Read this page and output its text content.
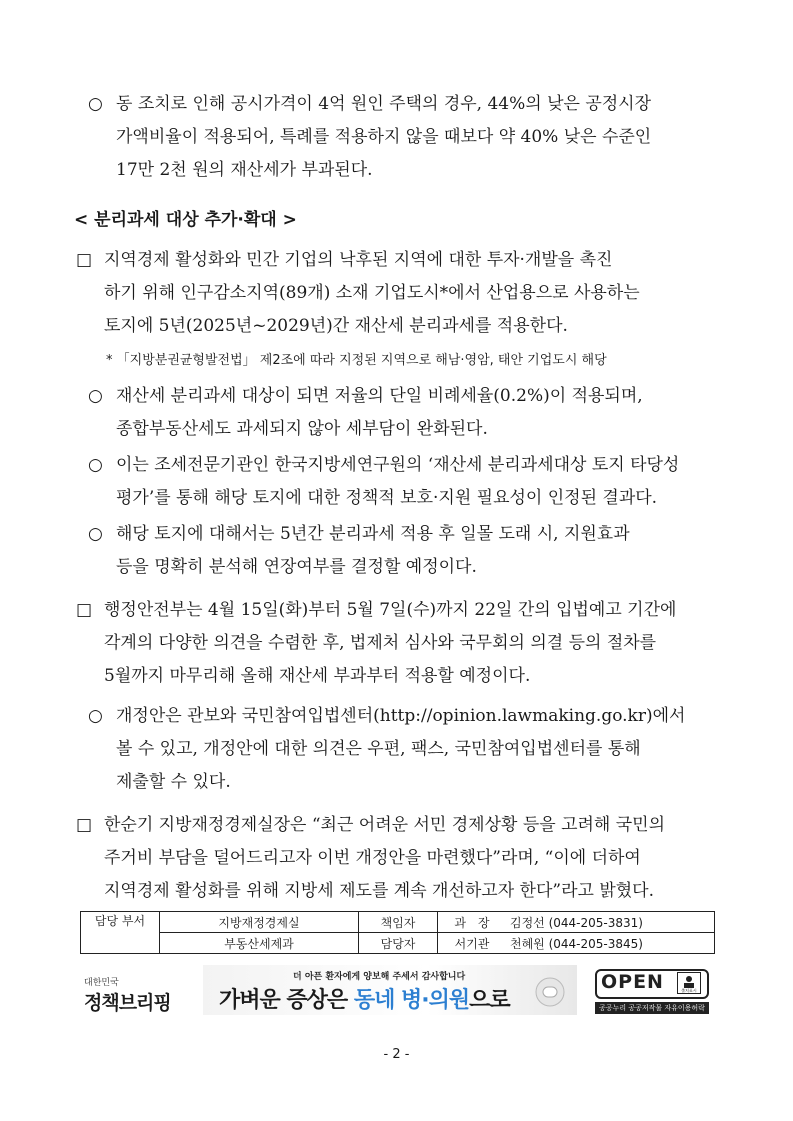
○ 동 조치로 인해 공시가격이 4억 원인 주택의 경우, 44%의 낮은 공정시장
가액비율이 적용되어, 특례를 적용하지 않을 때보다 약 40% 낮은 수준인
17만 2천 원의 재산세가 부과된다.
< 분리과세 대상 추가·확대 >
□ 지역경제 활성화와 민간 기업의 낙후된 지역에 대한 투자·개발을 촉진
하기 위해 인구감소지역(89개) 소재 기업도시*에서 산업용으로 사용하는
토지에 5년(2025년~2029년)간 재산세 분리과세를 적용한다.
* 「지방분권균형발전법」 제2조에 따라 지정된 지역으로 해남·영암, 태안 기업도시 해당
○ 재산세 분리과세 대상이 되면 저율의 단일 비례세율(0.2%)이 적용되며,
종합부동산세도 과세되지 않아 세부담이 완화된다.
○ 이는 조세전문기관인 한국지방세연구원의 ‘재산세 분리과세대상 토지 타당성
평가’를 통해 해당 토지에 대한 정책적 보호·지원 필요성이 인정된 결과다.
○ 해당 토지에 대해서는 5년간 분리과세 적용 후 일몰 도래 시, 지원효과
등을 명확히 분석해 연장여부를 결정할 예정이다.
□ 행정안전부는 4월 15일(화)부터 5월 7일(수)까지 22일 간의 입법예고 기간에
각계의 다양한 의견을 수렴한 후, 법제처 심사와 국무회의 의결 등의 절차를
5월까지 마무리해 올해 재산세 부과부터 적용할 예정이다.
○ 개정안은 관보와 국민참여입법센터(http://opinion.lawmaking.go.kr)에서
볼 수 있고, 개정안에 대한 의견은 우편, 팩스, 국민참여입법센터를 통해
제출할 수 있다.
□ 한순기 지방재정경제실장은 “최근 어려운 서민 경제상황 등을 고려해 국민의
주거비 부담을 덜어드리고자 이번 개정안을 마련했다”라며, “이에 더하여
지역경제 활성화를 위해 지방세 제도를 계속 개선하고자 한다”라고 밝혔다.
담당 부서	지방재정경제실	책임자	과　장	김정선 (044-205-3831)
	부동산세제과	담당자	서기관	천혜원 (044-205-3845)
대한민국
정책브리핑
더 아픈 환자에게 양보해 주세서 감사합니다
가벼운 증상은 동네 병·의원으로
OPEN	출처표시
공공누리 공공저작물 자유이용허락
- 2 -
